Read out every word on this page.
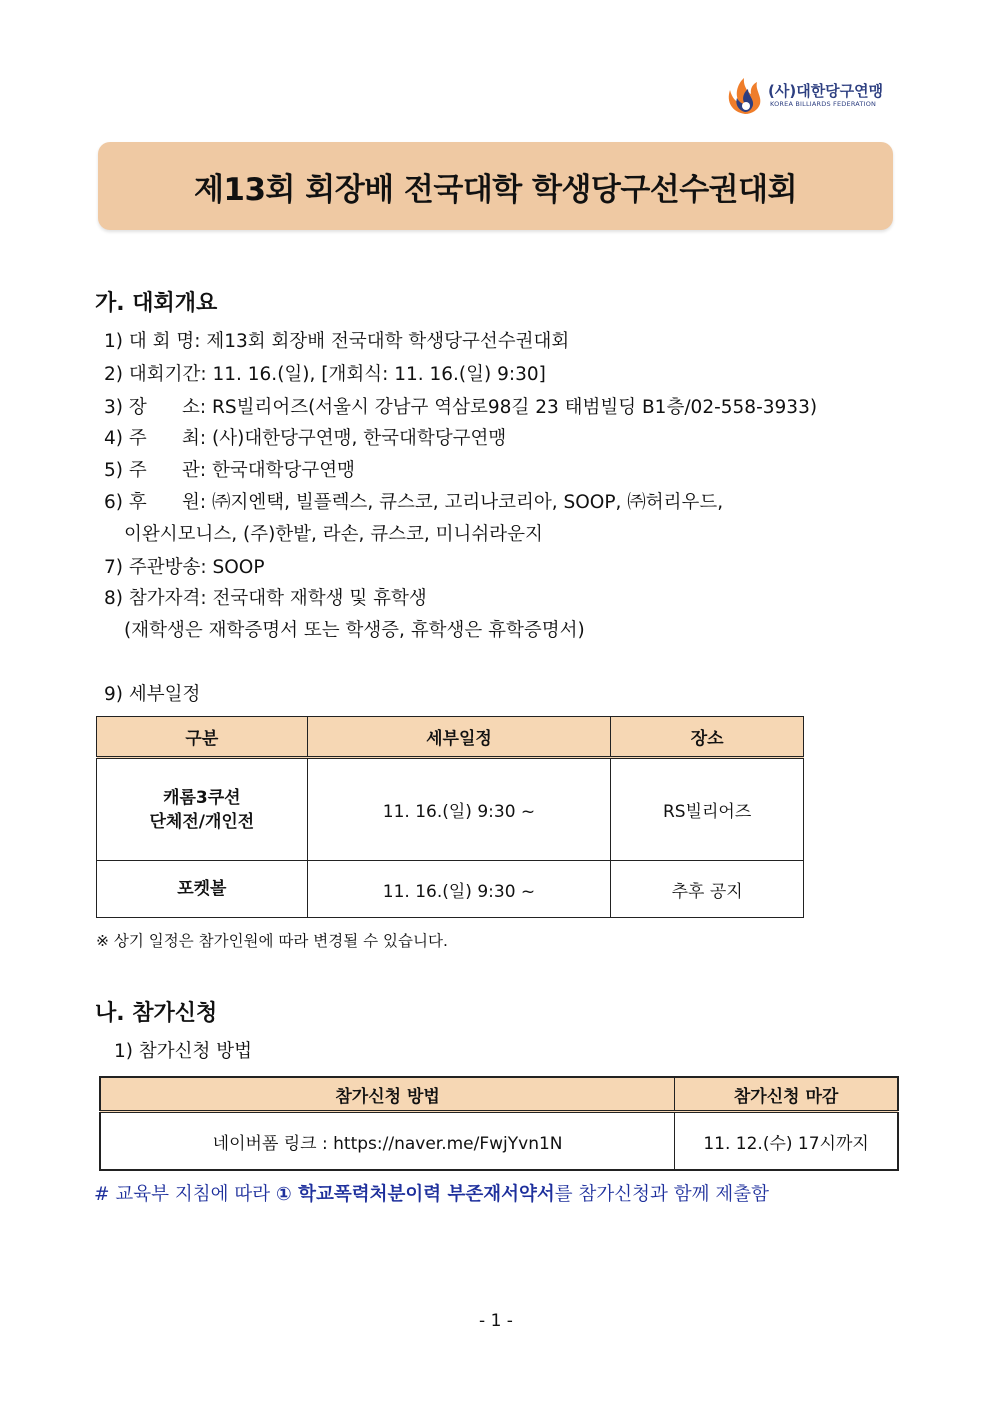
(사)대한당구연맹
KOREA BILLIARDS FEDERATION
제13회 회장배 전국대학 학생당구선수권대회
가. 대회개요
1) 대 회 명: 제13회 회장배 전국대학 학생당구선수권대회
2) 대회기간: 11. 16.(일), [개회식: 11. 16.(일) 9:30]
3) 장      소: RS빌리어즈(서울시 강남구 역삼로98길 23 태범빌딩 B1층/02-558-3933)
4) 주      최: (사)대한당구연맹, 한국대학당구연맹
5) 주      관: 한국대학당구연맹
6) 후      원: ㈜지엔택, 빌플렉스, 큐스코, 고리나코리아, SOOP, ㈜허리우드,
이완시모니스, (주)한밭, 라손, 큐스코, 미니쉬라운지
7) 주관방송: SOOP
8) 참가자격: 전국대학 재학생 및 휴학생
(재학생은 재학증명서 또는 학생증, 휴학생은 휴학증명서)
9) 세부일정
구분	세부일정	장소

캐롬3쿠션
단체전/개인전	11. 16.(일) 9:30 ~	RS빌리어즈
포켓볼	11. 16.(일) 9:30 ~	추후 공지
※ 상기 일정은 참가인원에 따라 변경될 수 있습니다.
나. 참가신청
1) 참가신청 방법
참가신청 방법	참가신청 마감
네이버폼 링크 : https://naver.me/FwjYvn1N	11. 12.(수) 17시까지
# 교육부 지침에 따라 ① 학교폭력처분이력 부존재서약서를 참가신청과 함께 제출함
- 1 -
